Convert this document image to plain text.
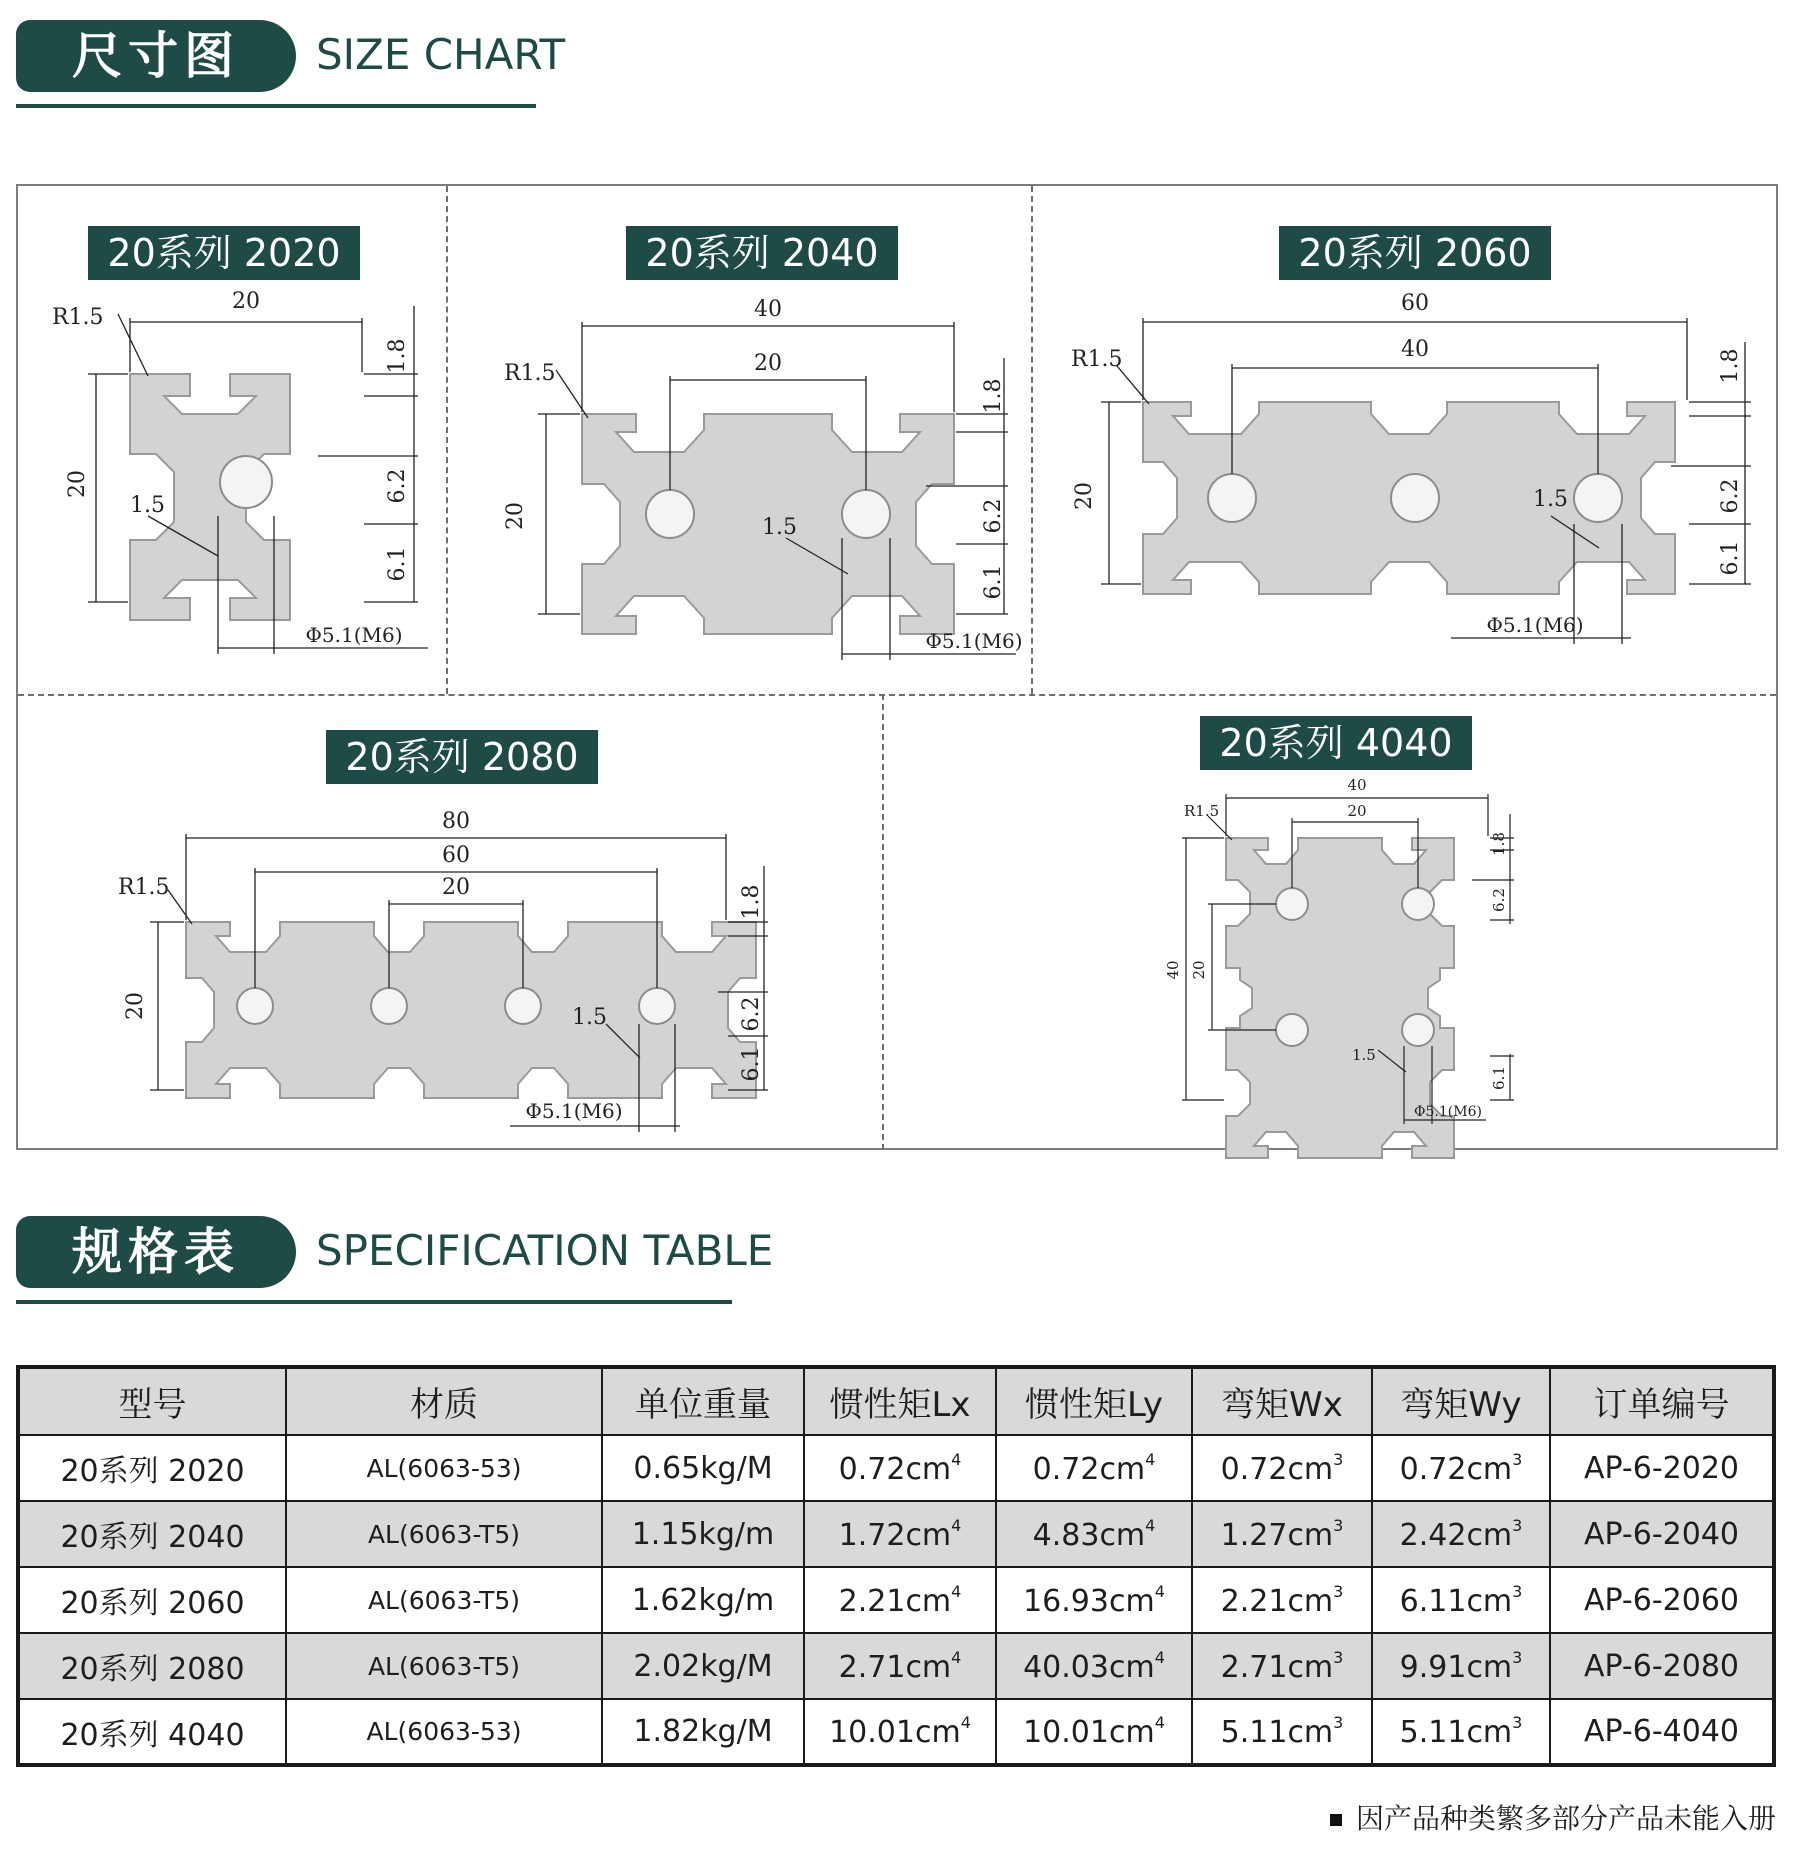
尺寸图	SIZE CHART
20系列 2020
20
20
R1.5
1.5
1.8
6.2
6.1
Φ5.1(M6)
20系列 2040
40
20
20
R1.5
1.5
1.8
6.2
6.1
Φ5.1(M6)
20系列 2060
60
40
20
R1.5
1.5
1.8
6.2
6.1
Φ5.1(M6)
20系列 2080
80
60
20
20
R1.5
1.5
1.8
6.2
6.1
Φ5.1(M6)
20系列 4040
40
20
40 20
R1.5
1.5
1.8
6.2
6.1
Φ5.1(M6)
规格表	SPECIFICATION TABLE
型号	材质	单位重量	惯性矩Lx	惯性矩Ly	弯矩Wx	弯矩Wy	订单编号
20系列 2020	AL(6063-53)	0.65kg/M	$0.72cm^4$	$0.72cm^4$	$0.72cm^3$	$0.72cm^3$	AP-6-2020
20系列 2040	AL(6063-T5)	1.15kg/m	$1.72cm^4$	$4.83cm^4$	$1.27cm^3$	$2.42cm^3$	AP-6-2040
20系列 2060	AL(6063-T5)	1.62kg/m	$2.21cm^4$	$16.93cm^4$	$2.21cm^3$	$6.11cm^3$	AP-6-2060
20系列 2080	AL(6063-T5)	2.02kg/M	$2.71cm^4$	$40.03cm^4$	$2.71cm^3$	$9.91cm^3$	AP-6-2080
20系列 4040	AL(6063-53)	1.82kg/M	$10.01cm^4$	$10.01cm^4$	$5.11cm^3$	$5.11cm^3$	AP-6-4040
因产品种类繁多部分产品未能入册
